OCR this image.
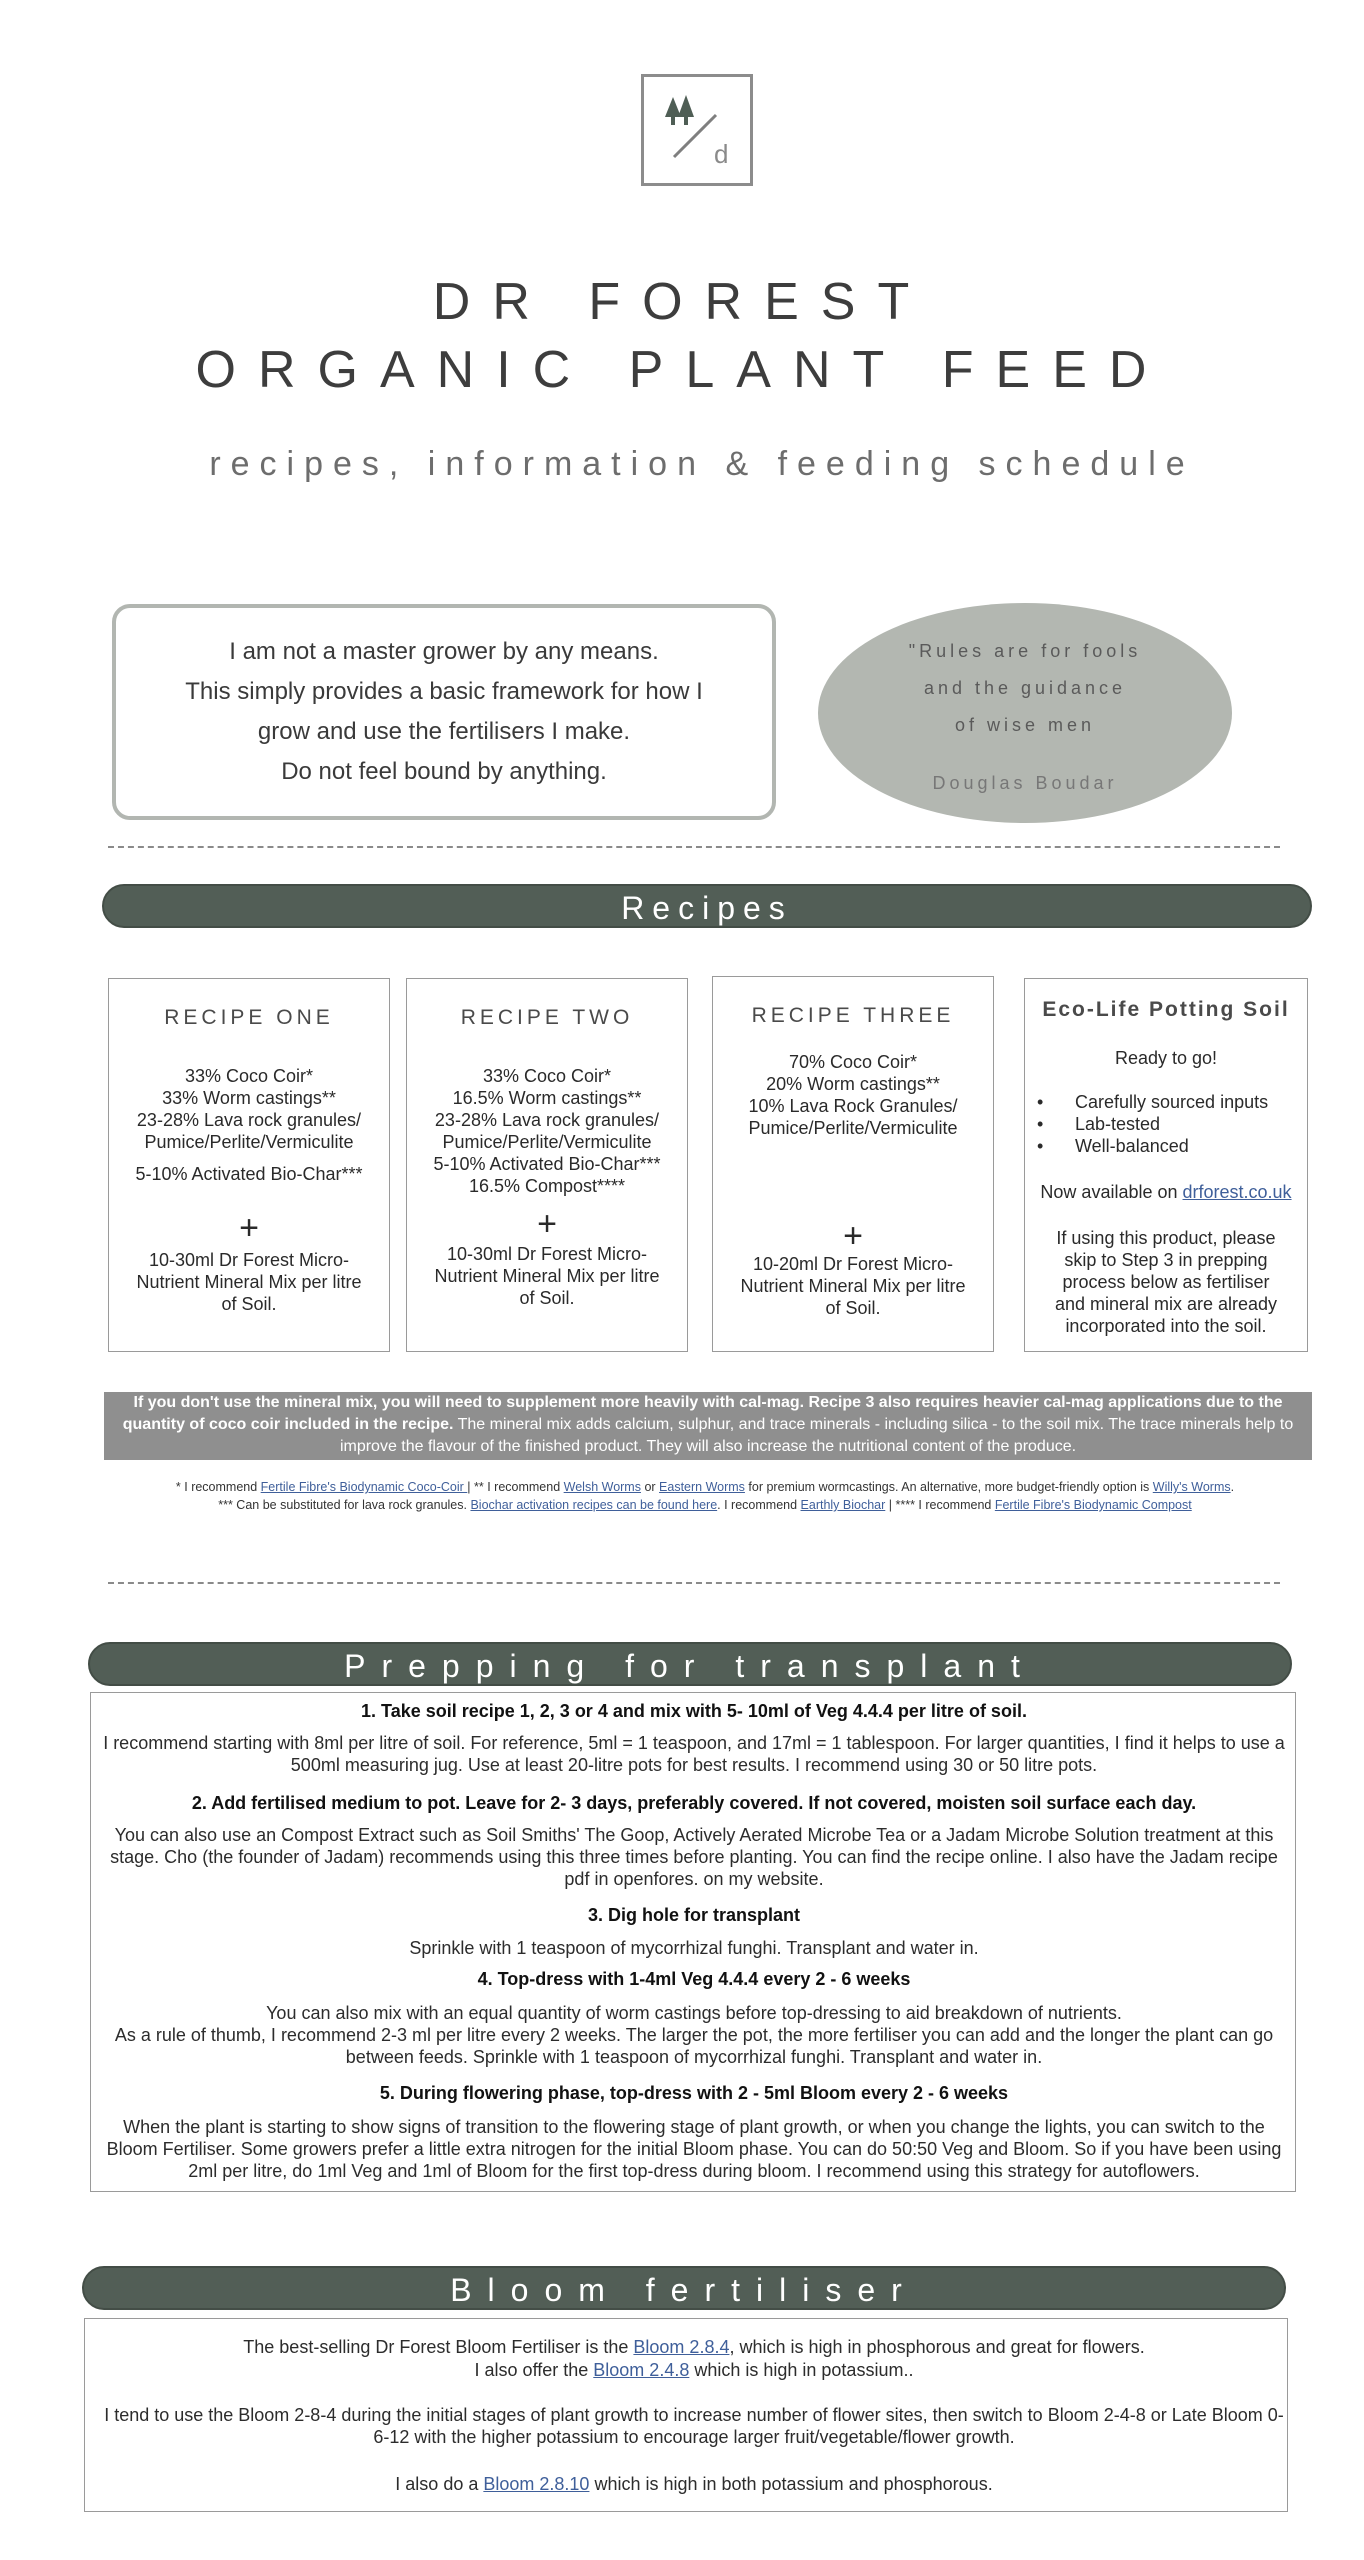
d
DR FOREST
ORGANIC PLANT FEED
recipes, information & feeding schedule
I am not a master grower by any means.
This simply provides a basic framework for how I
grow and use the fertilisers I make.
Do not feel bound by anything.
"Rules are for fools
and the guidance
of wise men
Douglas Boudar
Recipes
RECIPE ONE
33% Coco Coir*
33% Worm castings**
23-28% Lava rock granules/
Pumice/Perlite/Vermiculite
5-10% Activated Bio-Char***
+
10-30ml Dr Forest Micro-Nutrient Mineral Mix per litre of Soil.
RECIPE TWO
33% Coco Coir*
16.5% Worm castings**
23-28% Lava rock granules/
Pumice/Perlite/Vermiculite
5-10% Activated Bio-Char***
16.5% Compost****
+
10-30ml Dr Forest Micro-Nutrient Mineral Mix per litre of Soil.
RECIPE THREE
70% Coco Coir*
20% Worm castings**
10% Lava Rock Granules/
Pumice/Perlite/Vermiculite
+
10-20ml Dr Forest Micro-Nutrient Mineral Mix per litre of Soil.
Eco-Life Potting Soil
Ready to go!
• Carefully sourced inputs
• Lab-tested
• Well-balanced
Now available on drforest.co.uk
If using this product, please skip to Step 3 in prepping process below as fertiliser and mineral mix are already incorporated into the soil.
If you don't use the mineral mix, you will need to supplement more heavily with cal-mag. Recipe 3 also requires heavier cal-mag applications due to the quantity of coco coir included in the recipe. The mineral mix adds calcium, sulphur, and trace minerals - including silica - to the soil mix. The trace minerals help to improve the flavour of the finished product. They will also increase the nutritional content of the produce.
* I recommend Fertile Fibre's Biodynamic Coco-Coir | ** I recommend Welsh Worms or Eastern Worms for premium wormcastings. An alternative, more budget-friendly option is Willy's Worms.
*** Can be substituted for lava rock granules. Biochar activation recipes can be found here. I recommend Earthly Biochar | **** I recommend Fertile Fibre's Biodynamic Compost
Prepping for transplant
1. Take soil recipe 1, 2, 3 or 4 and mix with 5- 10ml of Veg 4.4.4 per litre of soil.
I recommend starting with 8ml per litre of soil. For reference, 5ml = 1 teaspoon, and 17ml = 1 tablespoon. For larger quantities, I find it helps to use a 500ml measuring jug. Use at least 20-litre pots for best results. I recommend using 30 or 50 litre pots.
2. Add fertilised medium to pot. Leave for 2- 3 days, preferably covered. If not covered, moisten soil surface each day.
You can also use an Compost Extract such as Soil Smiths' The Goop, Actively Aerated Microbe Tea or a Jadam Microbe Solution treatment at this stage. Cho (the founder of Jadam) recommends using this three times before planting. You can find the recipe online. I also have the Jadam recipe pdf in openfores. on my website.
3. Dig hole for transplant
Sprinkle with 1 teaspoon of mycorrhizal funghi. Transplant and water in.
4. Top-dress with 1-4ml Veg 4.4.4 every 2 - 6 weeks
You can also mix with an equal quantity of worm castings before top-dressing to aid breakdown of nutrients.
As a rule of thumb, I recommend 2-3 ml per litre every 2 weeks. The larger the pot, the more fertiliser you can add and the longer the plant can go between feeds. Sprinkle with 1 teaspoon of mycorrhizal funghi. Transplant and water in.
5. During flowering phase, top-dress with 2 - 5ml Bloom every 2 - 6 weeks
When the plant is starting to show signs of transition to the flowering stage of plant growth, or when you change the lights, you can switch to the Bloom Fertiliser. Some growers prefer a little extra nitrogen for the initial Bloom phase. You can do 50:50 Veg and Bloom. So if you have been using 2ml per litre, do 1ml Veg and 1ml of Bloom for the first top-dress during bloom. I recommend using this strategy for autoflowers.
Bloom fertiliser
The best-selling Dr Forest Bloom Fertiliser is the Bloom 2.8.4, which is high in phosphorous and great for flowers.
I also offer the Bloom 2.4.8 which is high in potassium..
I tend to use the Bloom 2-8-4 during the initial stages of plant growth to increase number of flower sites, then switch to Bloom 2-4-8 or Late Bloom 0-6-12 with the higher potassium to encourage larger fruit/vegetable/flower growth.
I also do a Bloom 2.8.10 which is high in both potassium and phosphorous.
